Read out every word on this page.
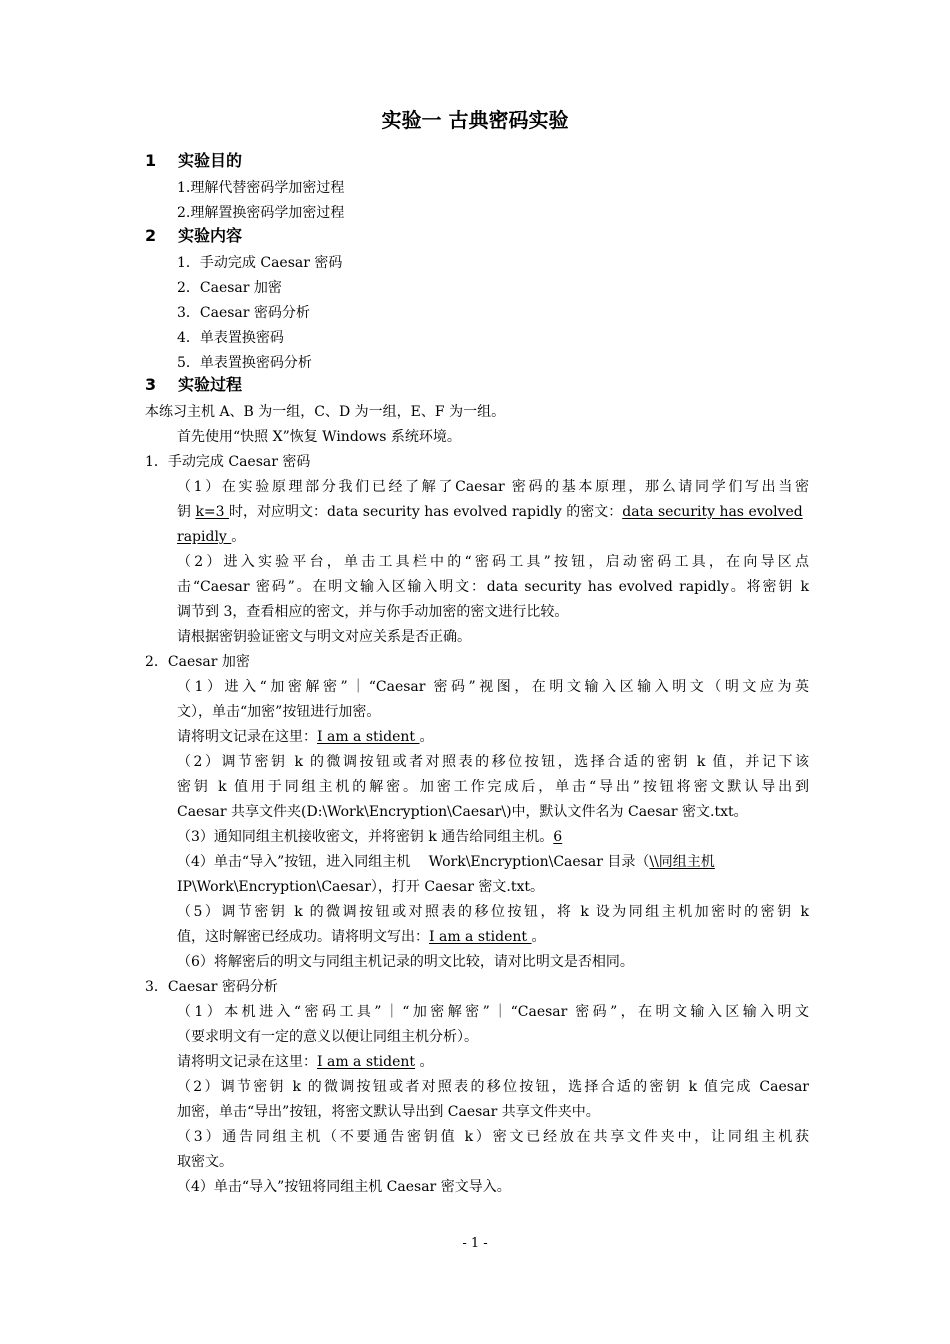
实验一 古典密码实验
1 实验目的
1.理解代替密码学加密过程
2.理解置换密码学加密过程
2 实验内容
1．手动完成 Caesar 密码
2．Caesar 加密
3．Caesar 密码分析
4．单表置换密码
5．单表置换密码分析
3 实验过程
本练习主机 A、B 为一组，C、D 为一组，E、F 为一组。
首先使用“快照 X”恢复 Windows 系统环境。
1．手动完成 Caesar 密码
（1）在实验原理部分我们已经了解了Caesar 密码的基本原理，那么请同学们写出当密
钥 k=3 时，对应明文：data security has evolved rapidly 的密文：data security has evolved
rapidly 。
（2）进入实验平台，单击工具栏中的“密码工具”按钮，启动密码工具，在向导区点
击“Caesar 密码”。在明文输入区输入明文：data security has evolved rapidly。将密钥 k
调节到 3，查看相应的密文，并与你手动加密的密文进行比较。
请根据密钥验证密文与明文对应关系是否正确。
2．Caesar 加密
（1）进入“加密解密”｜“Caesar 密码”视图，在明文输入区输入明文（明文应为英
文），单击“加密”按钮进行加密。
请将明文记录在这里：I am a stident 。
（2）调节密钥 k 的微调按钮或者对照表的移位按钮，选择合适的密钥 k 值，并记下该
密钥 k 值用于同组主机的解密。加密工作完成后，单击“导出”按钮将密文默认导出到
Caesar 共享文件夹(D:\Work\Encryption\Caesar\)中，默认文件名为 Caesar 密文.txt。
（3）通知同组主机接收密文，并将密钥 k 通告给同组主机。6
（4）单击“导入”按钮，进入同组主机　 Work\Encryption\Caesar 目录（\\同组主机
IP\Work\Encryption\Caesar），打开 Caesar 密文.txt。
（5）调节密钥 k 的微调按钮或对照表的移位按钮，将 k 设为同组主机加密时的密钥 k
值，这时解密已经成功。请将明文写出：I am a stident 。
（6）将解密后的明文与同组主机记录的明文比较，请对比明文是否相同。
3．Caesar 密码分析
（1）本机进入“密码工具”｜“加密解密”｜“Caesar 密码”，在明文输入区输入明文
（要求明文有一定的意义以便让同组主机分析）。
请将明文记录在这里：I am a stident 。
（2）调节密钥 k 的微调按钮或者对照表的移位按钮，选择合适的密钥 k 值完成 Caesar
加密，单击“导出”按钮，将密文默认导出到 Caesar 共享文件夹中。
（3）通告同组主机（不要通告密钥值 k）密文已经放在共享文件夹中，让同组主机获
取密文。
（4）单击“导入”按钮将同组主机 Caesar 密文导入。
- 1 -
